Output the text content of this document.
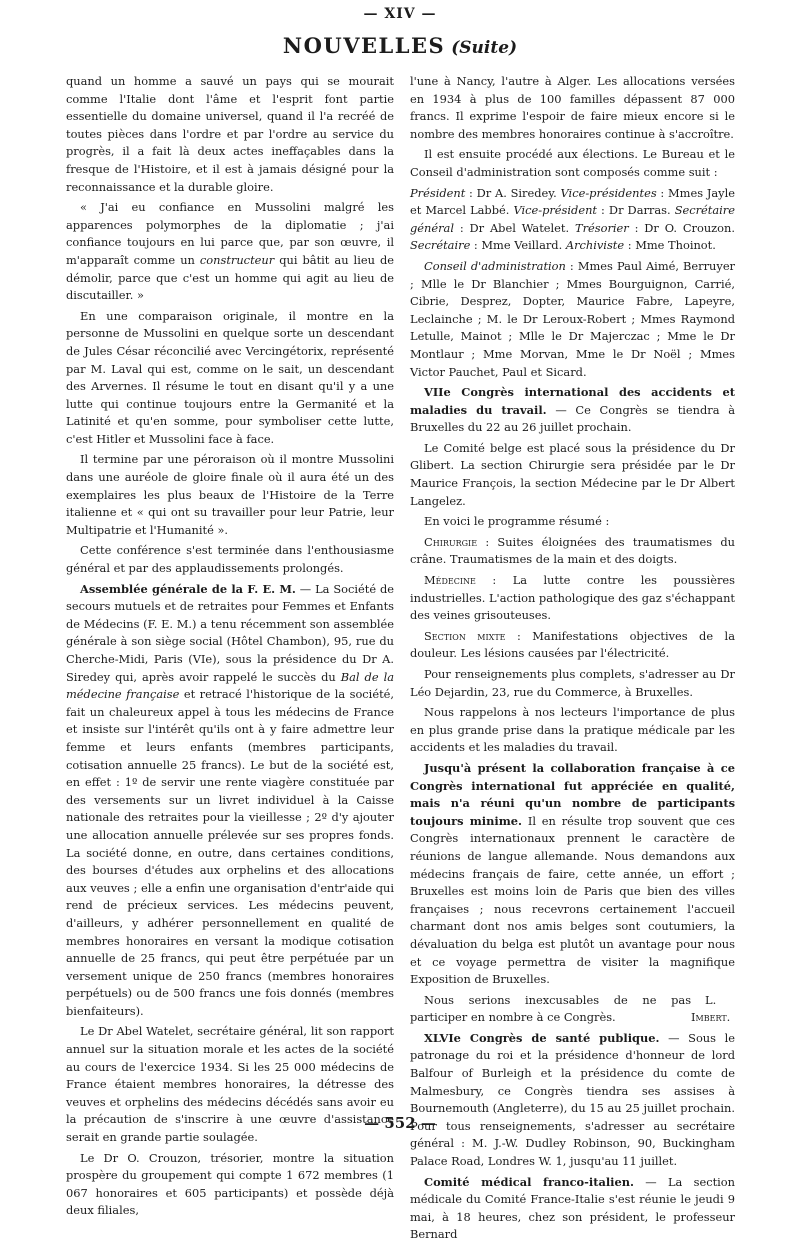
— XIV —
NOUVELLES (Suite)

quand un homme a sauvé un pays qui se mourait comme l'Italie dont l'âme et l'esprit font partie essentielle du domaine universel, quand il l'a recréé de toutes pièces dans l'ordre et par l'ordre au service du progrès, il a fait là deux actes ineffaçables dans la fresque de l'Histoire, et il est à jamais désigné pour la reconnaissance et la durable gloire.

« J'ai eu confiance en Mussolini malgré les apparences polymorphes de la diplomatie ; j'ai confiance toujours en lui parce que, par son œuvre, il m'apparaît comme un constructeur qui bâtit au lieu de démolir, parce que c'est un homme qui agit au lieu de discutailler. »

En une comparaison originale, il montre en la personne de Mussolini en quelque sorte un descendant de Jules César réconcilié avec Vercingétorix, représenté par M. Laval qui est, comme on le sait, un descendant des Arvernes. Il résume le tout en disant qu'il y a une lutte qui continue toujours entre la Germanité et la Latinité et qu'en somme, pour symboliser cette lutte, c'est Hitler et Mussolini face à face.

Il termine par une péroraison où il montre Mussolini dans une auréole de gloire finale où il aura été un des exemplaires les plus beaux de l'Histoire de la Terre italienne et « qui ont su travailler pour leur Patrie, leur Multipatrie et l'Humanité ».

Cette conférence s'est terminée dans l'enthousiasme général et par des applaudissements prolongés.

Assemblée générale de la F. E. M. — La Société de secours mutuels et de retraites pour Femmes et Enfants de Médecins (F. E. M.) a tenu récemment son assemblée générale à son siège social (Hôtel Chambon), 95, rue du Cherche-Midi, Paris (VIe), sous la présidence du Dr A. Siredey qui, après avoir rappelé le succès du Bal de la médecine française et retracé l'historique de la société, fait un chaleureux appel à tous les médecins de France et insiste sur l'intérêt qu'ils ont à y faire admettre leur femme et leurs enfants (membres participants, cotisation annuelle 25 francs). Le but de la société est, en effet : 1º de servir une rente viagère constituée par des versements sur un livret individuel à la Caisse nationale des retraites pour la vieillesse ; 2º d'y ajouter une allocation annuelle prélevée sur ses propres fonds. La société donne, en outre, dans certaines conditions, des bourses d'études aux orphelins et des allocations aux veuves ; elle a enfin une organisation d'entr'aide qui rend de précieux services. Les médecins peuvent, d'ailleurs, y adhérer personnellement en qualité de membres honoraires en versant la modique cotisation annuelle de 25 francs, qui peut être perpétuée par un versement unique de 250 francs (membres honoraires perpétuels) ou de 500 francs une fois donnés (membres bienfaiteurs).

Le Dr Abel Watelet, secrétaire général, lit son rapport annuel sur la situation morale et les actes de la société au cours de l'exercice 1934. Si les 25 000 médecins de France étaient membres honoraires, la détresse des veuves et orphelins des médecins décédés sans avoir eu la précaution de s'inscrire à une œuvre d'assistance serait en grande partie soulagée.

Le Dr O. Crouzon, trésorier, montre la situation prospère du groupement qui compte 1 672 membres (1 067 honoraires et 605 participants) et possède déjà deux filiales,

l'une à Nancy, l'autre à Alger. Les allocations versées en 1934 à plus de 100 familles dépassent 87 000 francs. Il exprime l'espoir de faire mieux encore si le nombre des membres honoraires continue à s'accroître.

Il est ensuite procédé aux élections. Le Bureau et le Conseil d'administration sont composés comme suit :

Président : Dr A. Siredey. Vice-présidentes : Mmes Jayle et Marcel Labbé. Vice-président : Dr Darras. Secrétaire général : Dr Abel Watelet. Trésorier : Dr O. Crouzon. Secrétaire : Mme Veillard. Archiviste : Mme Thoinot.

Conseil d'administration : Mmes Paul Aimé, Berruyer ; Mlle le Dr Blanchier ; Mmes Bourguignon, Carrié, Cibrie, Desprez, Dopter, Maurice Fabre, Lapeyre, Leclainche ; M. le Dr Leroux-Robert ; Mmes Raymond Letulle, Mainot ; Mlle le Dr Majerczac ; Mme le Dr Montlaur ; Mme Morvan, Mme le Dr Noël ; Mmes Victor Pauchet, Paul et Sicard.

VIIe Congrès international des accidents et maladies du travail. — Ce Congrès se tiendra à Bruxelles du 22 au 26 juillet prochain.

Le Comité belge est placé sous la présidence du Dr Glibert. La section Chirurgie sera présidée par le Dr Maurice François, la section Médecine par le Dr Albert Langelez.

En voici le programme résumé :

Chirurgie : Suites éloignées des traumatismes du crâne. Traumatismes de la main et des doigts.

Médecine : La lutte contre les poussières industrielles. L'action pathologique des gaz s'échappant des veines grisouteuses.

Section mixte : Manifestations objectives de la douleur. Les lésions causées par l'électricité.

Pour renseignements plus complets, s'adresser au Dr Léo Dejardin, 23, rue du Commerce, à Bruxelles.

Nous rappelons à nos lecteurs l'importance de plus en plus grande prise dans la pratique médicale par les accidents et les maladies du travail.

Jusqu'à présent la collaboration française à ce Congrès international fut appréciée en qualité, mais n'a réuni qu'un nombre de participants toujours minime. Il en résulte trop souvent que ces Congrès internationaux prennent le caractère de réunions de langue allemande. Nous demandons aux médecins français de faire, cette année, un effort ; Bruxelles est moins loin de Paris que bien des villes françaises ; nous recevrons certainement l'accueil charmant dont nos amis belges sont coutumiers, la dévaluation du belga est plutôt un avantage pour nous et ce voyage permettra de visiter la magnifique Exposition de Bruxelles.

Nous serions inexcusables de ne pas participer en nombre à ce Congrès.
L. Imbert.

XLVIe Congrès de santé publique. — Sous le patronage du roi et la présidence d'honneur de lord Balfour of Burleigh et la présidence du comte de Malmesbury, ce Congrès tiendra ses assises à Bournemouth (Angleterre), du 15 au 25 juillet prochain. Pour tous renseignements, s'adresser au secrétaire général : M. J.-W. Dudley Robinson, 90, Buckingham Palace Road, Londres W. 1, jusqu'au 11 juillet.

Comité médical franco-italien. — La section médicale du Comité France-Italie s'est réunie le jeudi 9 mai, à 18 heures, chez son président, le professeur Bernard

— 552 —
